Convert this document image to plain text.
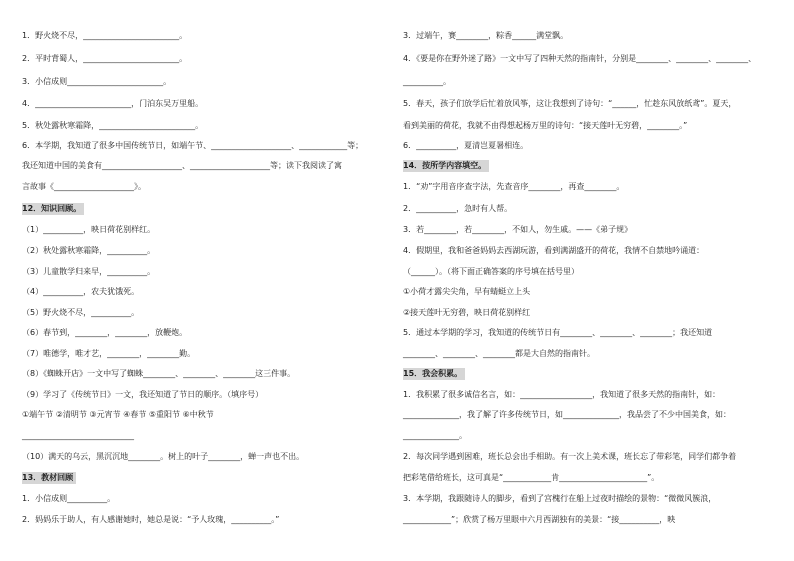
1．野火烧不尽，________________________。
2．平时背蜀人，________________________。
3．小信成则________________________。
4．________________________，门泊东吴万里船。
5．秋处露秋寒霜降，________________________。
6．本学期，我知道了很多中国传统节日，如端午节、____________________、____________等；
我还知道中国的美食有____________________、____________________等；读下我阅读了寓
言故事《____________________》。
12．知识回顾。
（1）__________，映日荷花别样红。
（2）秋处露秋寒霜降，__________。
（3）儿童散学归来早，__________。
（4）__________，农夫犹饿死。
（5）野火烧不尽，__________。
（6）春节到，________，________，放鞭炮。
（7）唯德学，唯才艺，________，________勤。
（8）《蜘蛛开店》一文中写了蜘蛛________、________、________这三件事。
（9）学习了《传统节日》一文，我还知道了节日的顺序。（填序号）
①端午节 ②清明节 ③元宵节 ④春节 ⑤重阳节 ⑥中秋节
____________________________
（10）满天的乌云，黑沉沉地________。树上的叶子________，蝉一声也不出。
13．教材回顾
1．小信成则__________。
2．妈妈乐于助人，有人感谢她时，她总是说：“予人玫瑰，__________。”
3．过端午，赛________，粽香______满堂飘。
4．《要是你在野外迷了路》一文中写了四种天然的指南针，分别是________、________、________、
__________。
5．春天，孩子们放学后忙着放风筝，这让我想到了诗句：“______，忙趁东风放纸鸢”。夏天，
看到美丽的荷花，我就不由得想起杨万里的诗句：“接天莲叶无穷碧，________。”
6．__________，夏清岂夏暑相连。
14．按所学内容填空。
1．“劝”字用音序查字法，先查音序________，再查________。
2．__________，急时有人帮。
3．若________，若________，不如人，勿生戚。——《弟子规》
4．假期里，我和爸爸妈妈去西湖玩游，看到满湖盛开的荷花，我情不自禁地吟诵道：
（______）。（将下面正确答案的序号填在括号里）
①小荷才露尖尖角，早有蜻蜓立上头
②接天莲叶无穷碧，映日荷花别样红
5．通过本学期的学习，我知道的传统节日有________、________、________；我还知道
________、________、________都是大自然的指南针。
15．我会积累。
1．我积累了很多诚信名言，如：__________________，我知道了很多天然的指南针，如：
______________，我了解了许多传统节日，如______________，我品尝了不少中国美食，如：
______________。
2．每次同学遇到困难，班长总会出手相助。有一次上美术课，班长忘了带彩笔，同学们都争着
把彩笔借给班长，这可真是“____________肯______________________”。
3．本学期，我跟随诗人的脚步，看到了宫槐行在船上过夜时描绘的景物：“微微风簇浪，
____________”；欣赏了杨万里眼中六月西湖独有的美景：“接__________，映
